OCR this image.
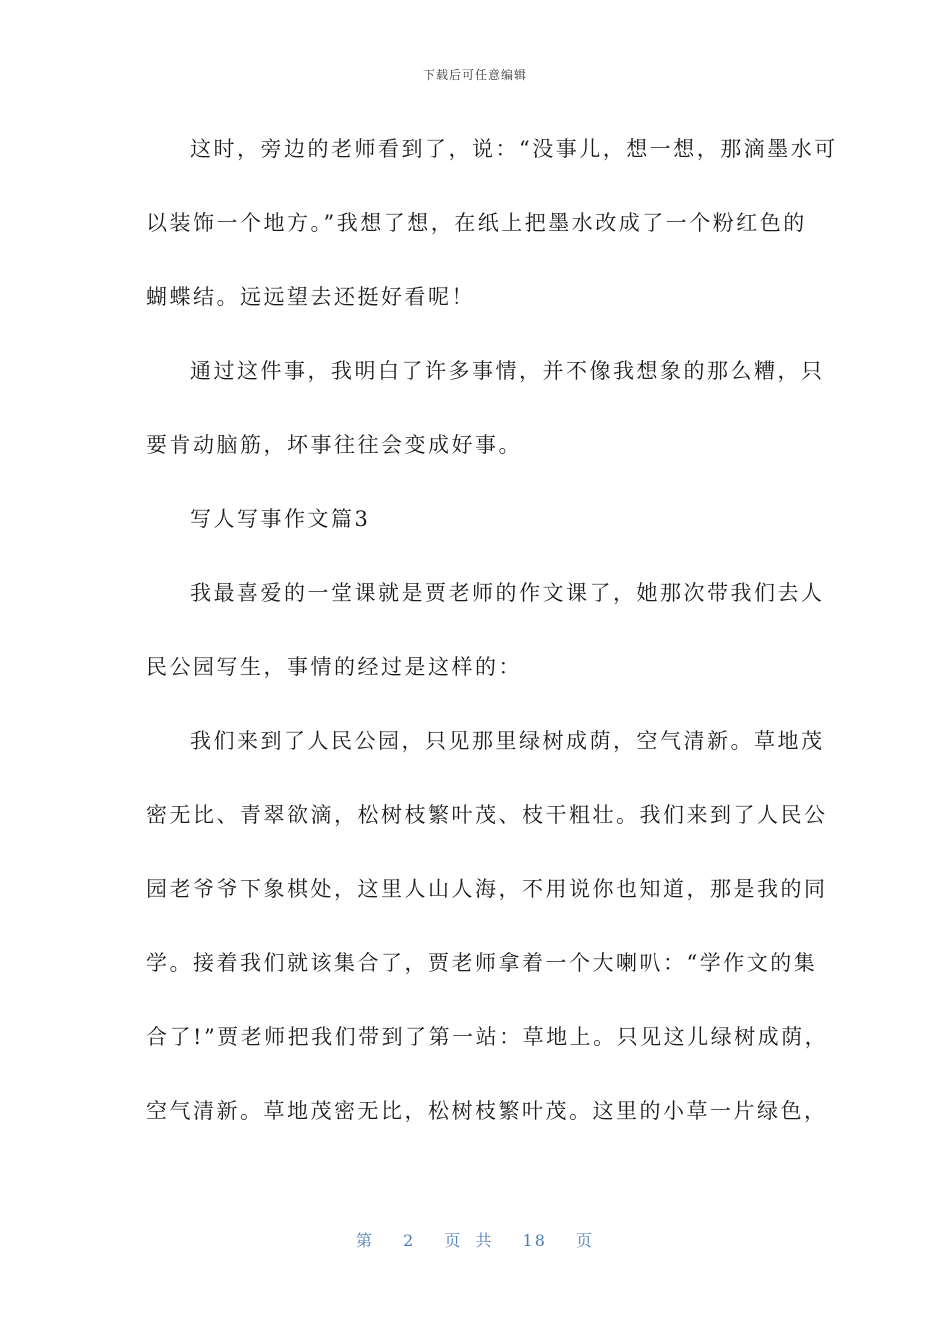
下载后可任意编辑
这时，旁边的老师看到了，说：“没事儿，想一想，那滴墨水可
以装饰一个地方。”我想了想，在纸上把墨水改成了一个粉红色的
蝴蝶结。远远望去还挺好看呢！
通过这件事，我明白了许多事情，并不像我想象的那么糟，只
要肯动脑筋，坏事往往会变成好事。
写人写事作文篇3
我最喜爱的一堂课就是贾老师的作文课了，她那次带我们去人
民公园写生，事情的经过是这样的：
我们来到了人民公园，只见那里绿树成荫，空气清新。草地茂
密无比、青翠欲滴，松树枝繁叶茂、枝干粗壮。我们来到了人民公
园老爷爷下象棋处，这里人山人海，不用说你也知道，那是我的同
学。接着我们就该集合了，贾老师拿着一个大喇叭：“学作文的集
合了!”贾老师把我们带到了第一站：草地上。只见这儿绿树成荫，
空气清新。草地茂密无比，松树枝繁叶茂。这里的小草一片绿色，
第 2 页 共 18 页
